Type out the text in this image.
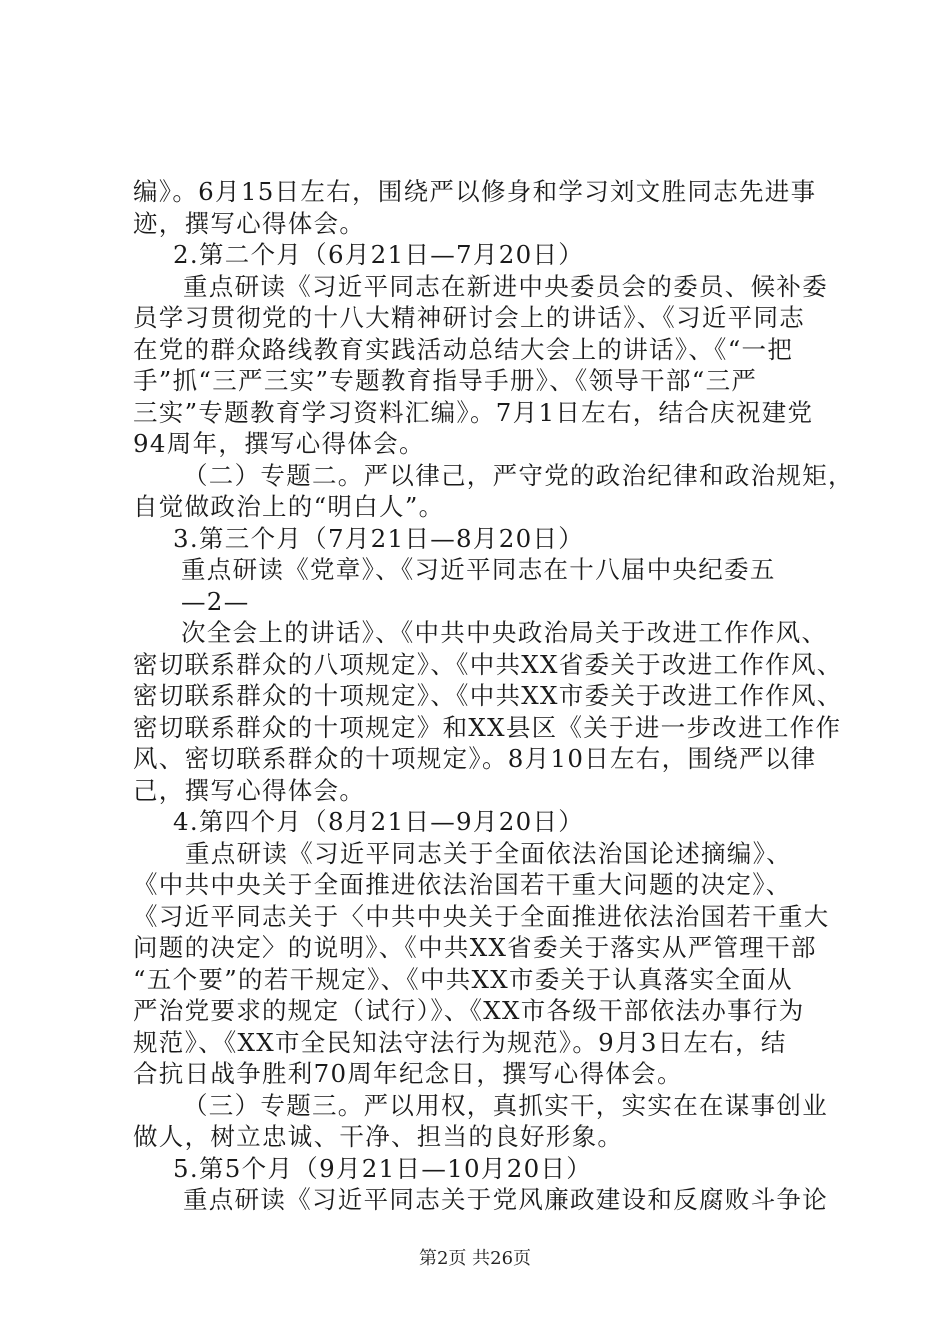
编》。6月15日左右，围绕严以修身和学习刘文胜同志先进事
迹，撰写心得体会。
2.第二个月（6月21日—7月20日）
重点研读《习近平同志在新进中央委员会的委员、候补委
员学习贯彻党的十八大精神研讨会上的讲话》、《习近平同志
在党的群众路线教育实践活动总结大会上的讲话》、《“一把
手”抓“三严三实”专题教育指导手册》、《领导干部“三严
三实”专题教育学习资料汇编》。7月1日左右，结合庆祝建党
94周年，撰写心得体会。
（二）专题二。严以律己，严守党的政治纪律和政治规矩，
自觉做政治上的“明白人”。
3.第三个月（7月21日—8月20日）
重点研读《党章》、《习近平同志在十八届中央纪委五
—2—
次全会上的讲话》、《中共中央政治局关于改进工作作风、
密切联系群众的八项规定》、《中共XX省委关于改进工作作风、
密切联系群众的十项规定》、《中共XX市委关于改进工作作风、
密切联系群众的十项规定》和XX县区《关于进一步改进工作作
风、密切联系群众的十项规定》。8月10日左右，围绕严以律
己，撰写心得体会。
4.第四个月（8月21日—9月20日）
重点研读《习近平同志关于全面依法治国论述摘编》、
《中共中央关于全面推进依法治国若干重大问题的决定》、
《习近平同志关于〈中共中央关于全面推进依法治国若干重大
问题的决定〉的说明》、《中共XX省委关于落实从严管理干部
“五个要”的若干规定》、《中共XX市委关于认真落实全面从
严治党要求的规定（试行）》、《XX市各级干部依法办事行为
规范》、《XX市全民知法守法行为规范》。9月3日左右，结
合抗日战争胜利70周年纪念日，撰写心得体会。
（三）专题三。严以用权，真抓实干，实实在在谋事创业
做人，树立忠诚、干净、担当的良好形象。
5.第5个月（9月21日—10月20日）
重点研读《习近平同志关于党风廉政建设和反腐败斗争论
第2页 共26页
